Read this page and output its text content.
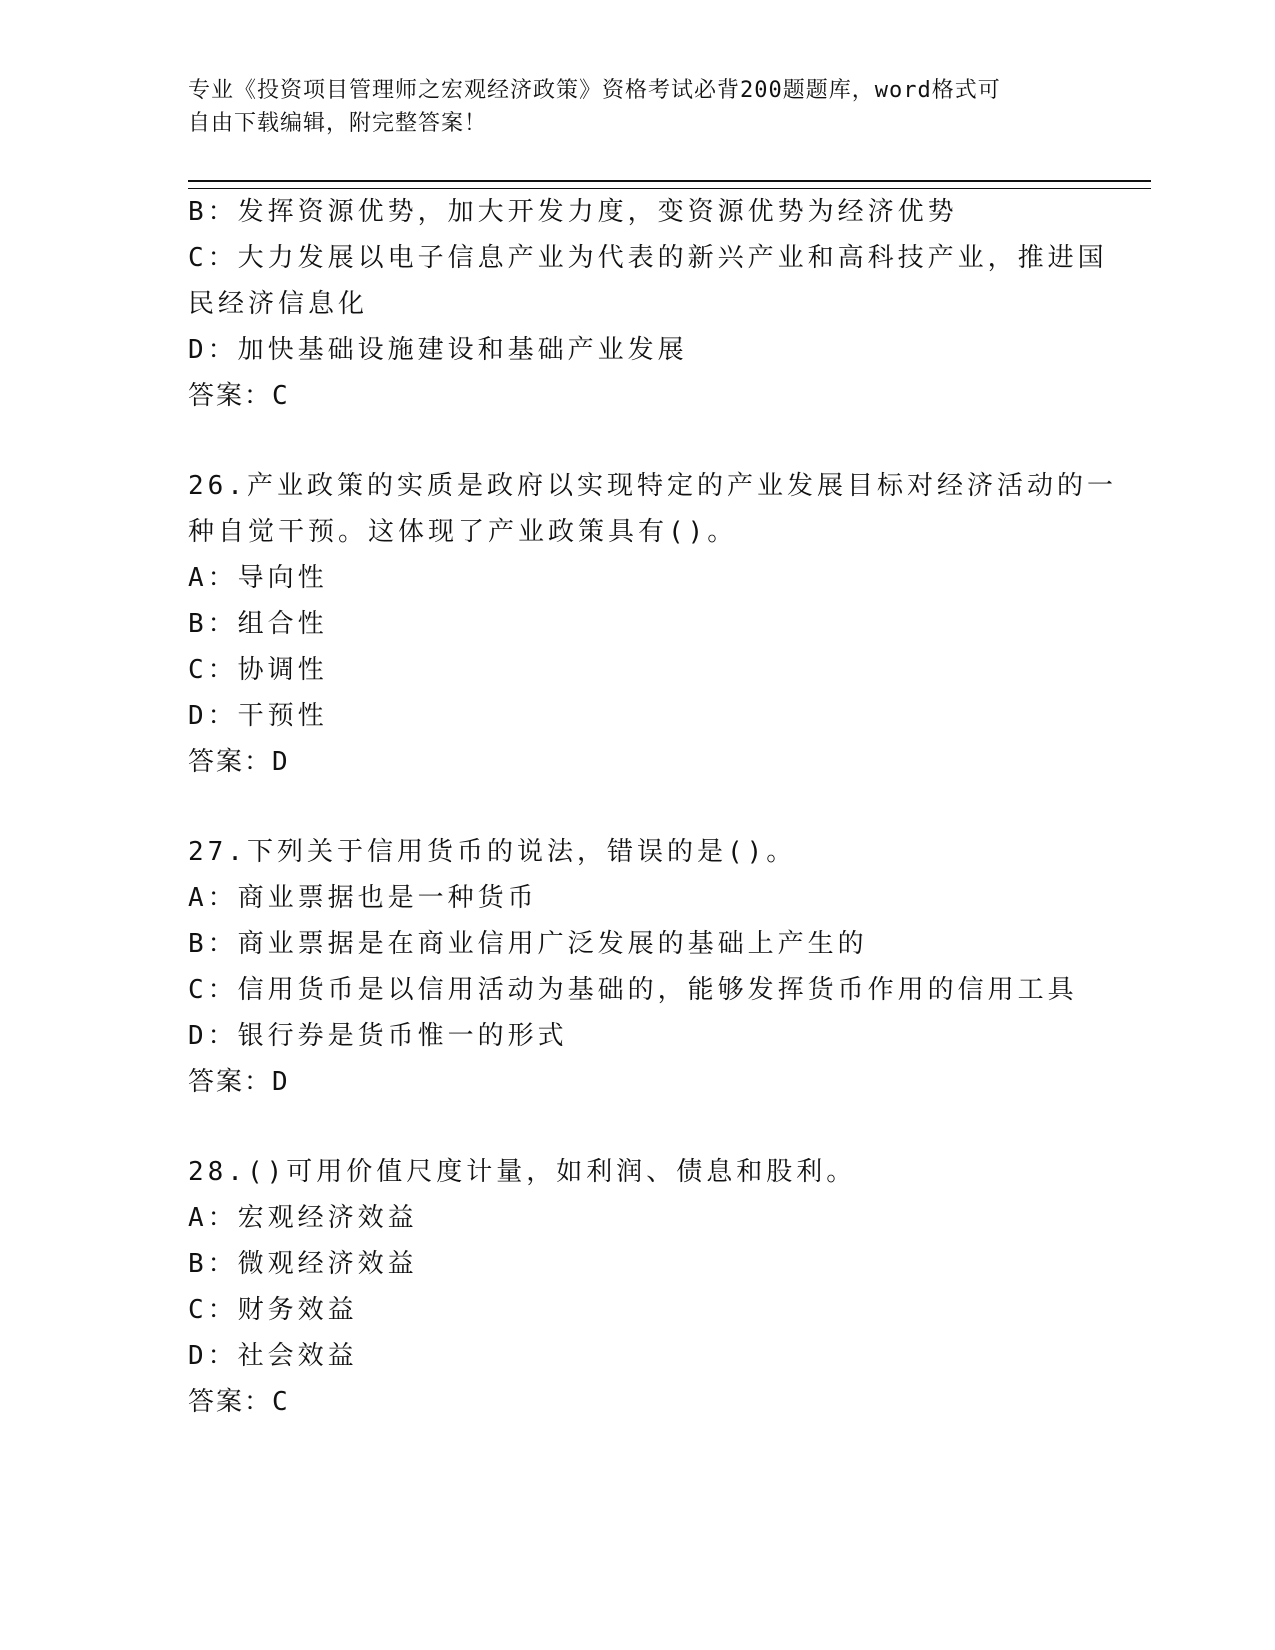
专业《投资项目管理师之宏观经济政策》资格考试必背200题题库，word格式可
自由下载编辑，附完整答案！
B：发挥资源优势，加大开发力度，变资源优势为经济优势
C：大力发展以电子信息产业为代表的新兴产业和高科技产业，推进国
民经济信息化
D：加快基础设施建设和基础产业发展
答案：C
26.产业政策的实质是政府以实现特定的产业发展目标对经济活动的一
种自觉干预。这体现了产业政策具有()。
A：导向性
B：组合性
C：协调性
D：干预性
答案：D
27.下列关于信用货币的说法，错误的是()。
A：商业票据也是一种货币
B：商业票据是在商业信用广泛发展的基础上产生的
C：信用货币是以信用活动为基础的，能够发挥货币作用的信用工具
D：银行券是货币惟一的形式
答案：D
28.()可用价值尺度计量，如利润、债息和股利。
A：宏观经济效益
B：微观经济效益
C：财务效益
D：社会效益
答案：C
